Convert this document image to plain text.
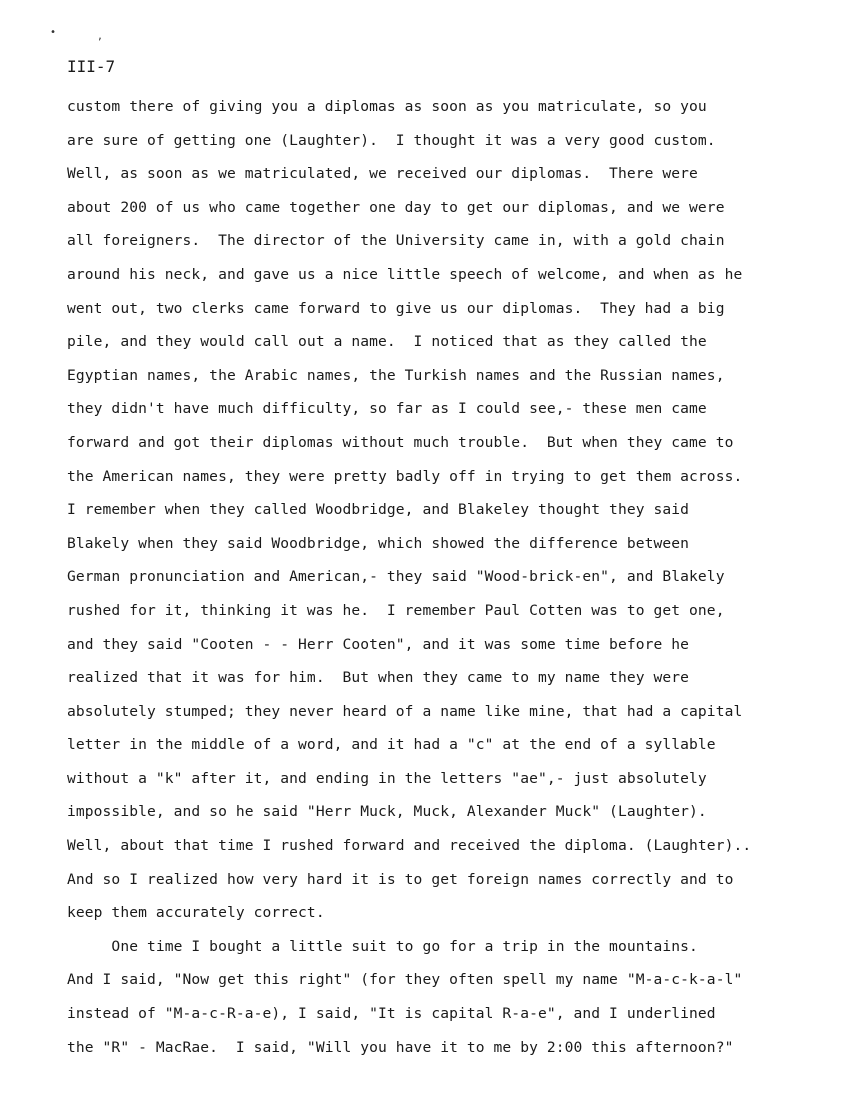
•	,
III-7
custom there of giving you a diplomas as soon as you matriculate, so you
are sure of getting one (Laughter).  I thought it was a very good custom.
Well, as soon as we matriculated, we received our diplomas.  There were
about 200 of us who came together one day to get our diplomas, and we were
all foreigners.  The director of the University came in, with a gold chain
around his neck, and gave us a nice little speech of welcome, and when as he
went out, two clerks came forward to give us our diplomas.  They had a big
pile, and they would call out a name.  I noticed that as they called the
Egyptian names, the Arabic names, the Turkish names and the Russian names,
they didn't have much difficulty, so far as I could see,- these men came
forward and got their diplomas without much trouble.  But when they came to
the American names, they were pretty badly off in trying to get them across.
I remember when they called Woodbridge, and Blakeley thought they said
Blakely when they said Woodbridge, which showed the difference between
German pronunciation and American,- they said "Wood-brick-en", and Blakely
rushed for it, thinking it was he.  I remember Paul Cotten was to get one,
and they said "Cooten - - Herr Cooten", and it was some time before he
realized that it was for him.  But when they came to my name they were
absolutely stumped; they never heard of a name like mine, that had a capital
letter in the middle of a word, and it had a "c" at the end of a syllable
without a "k" after it, and ending in the letters "ae",- just absolutely
impossible, and so he said "Herr Muck, Muck, Alexander Muck" (Laughter).
Well, about that time I rushed forward and received the diploma. (Laughter)..
And so I realized how very hard it is to get foreign names correctly and to
keep them accurately correct.
One time I bought a little suit to go for a trip in the mountains.
And I said, "Now get this right" (for they often spell my name "M-a-c-k-a-l"
instead of "M-a-c-R-a-e), I said, "It is capital R-a-e", and I underlined
the "R" - MacRae.  I said, "Will you have it to me by 2:00 this afternoon?"
